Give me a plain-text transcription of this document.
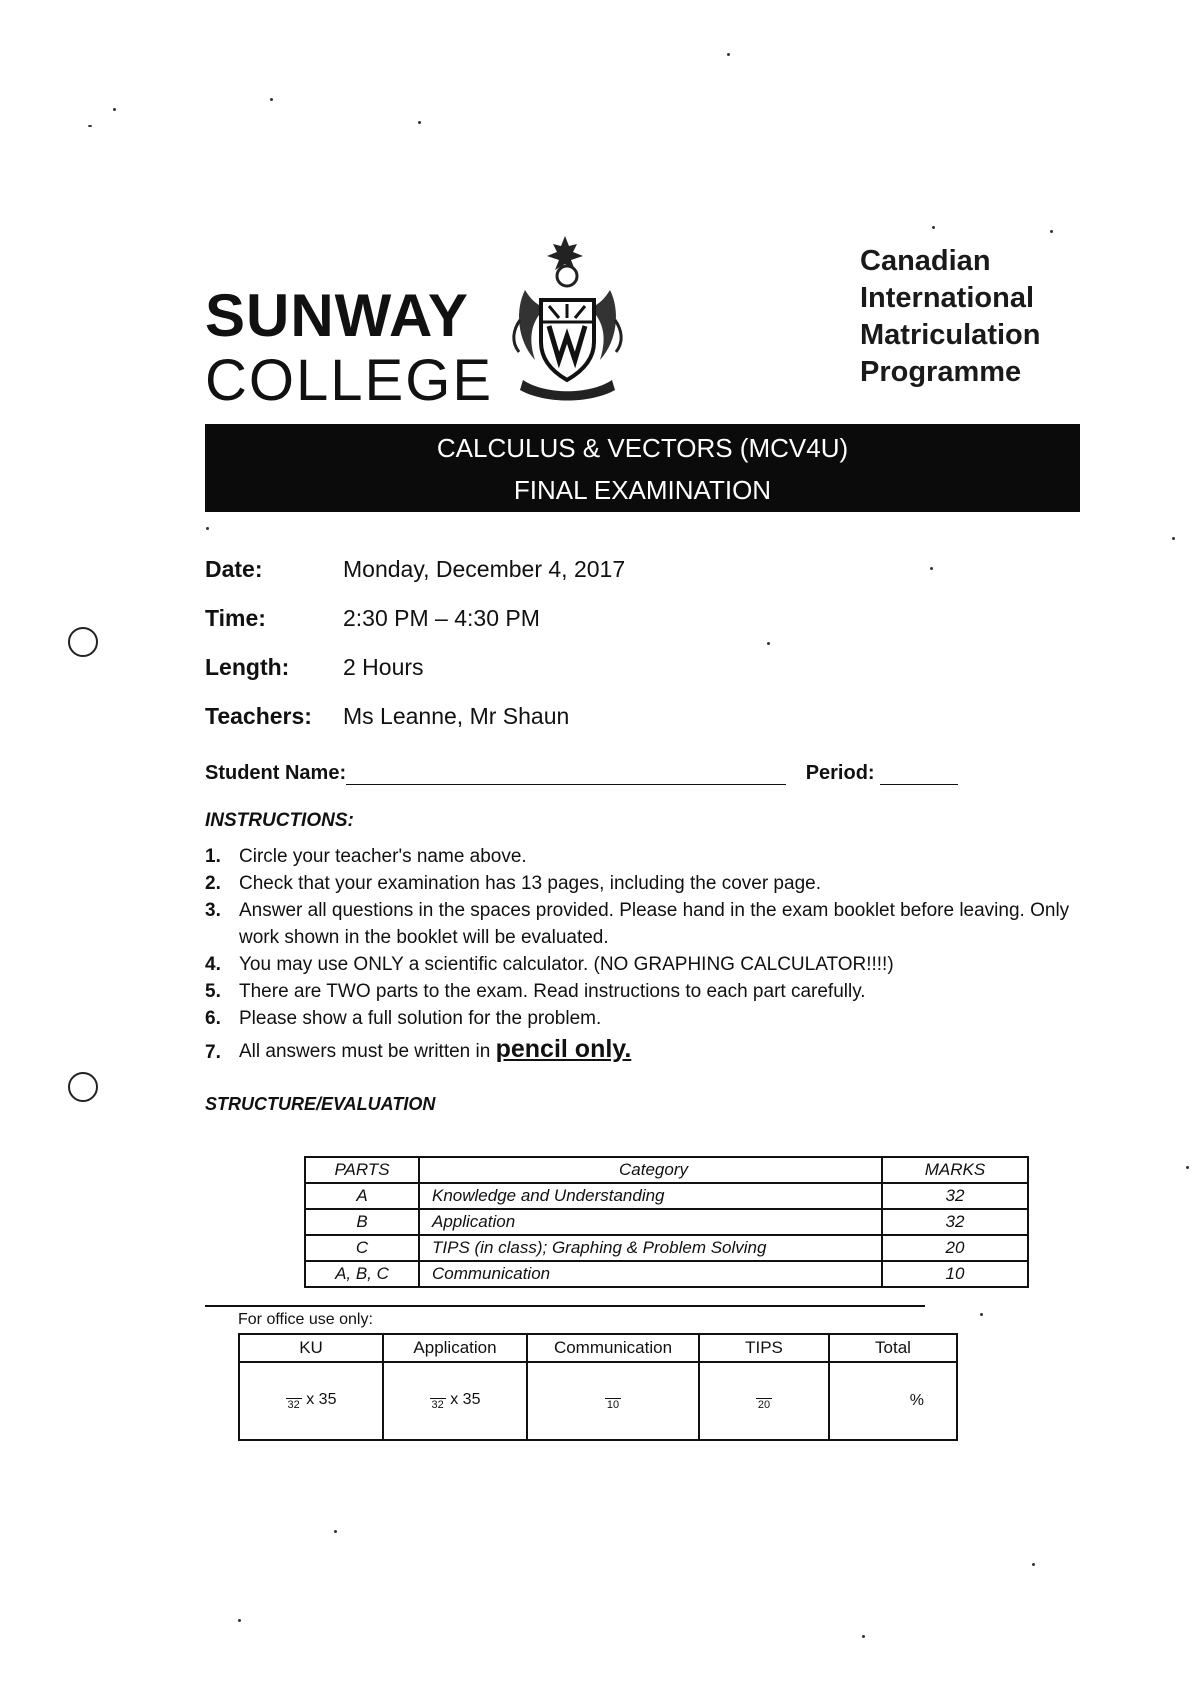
SUNWAY
COLLEGE
Canadian
International
Matriculation
Programme
CALCULUS & VECTORS (MCV4U)
FINAL EXAMINATION
Date:	Monday, December 4, 2017
Time:	2:30 PM – 4:30 PM
Length: 2 Hours
Teachers: Ms Leanne, Mr Shaun
Student Name:	Period:
INSTRUCTIONS:
1. Circle your teacher's name above.
2. Check that your examination has 13 pages, including the cover page.
3. Answer all questions in the spaces provided. Please hand in the exam booklet before leaving. Only work shown in the booklet will be evaluated.
4. You may use ONLY a scientific calculator. (NO GRAPHING CALCULATOR!!!!)
5. There are TWO parts to the exam. Read instructions to each part carefully.
6. Please show a full solution for the problem.
7. All answers must be written in pencil only.
STRUCTURE/EVALUATION
PARTS	Category	MARKS
A	Knowledge and Understanding	32
B	Application	32
C	TIPS (in class); Graphing & Problem Solving	20
A, B, C	Communication	10
For office use only:
KU	Application	Communication	TIPS	Total
32 x 35	32 x 35	10	20	%
